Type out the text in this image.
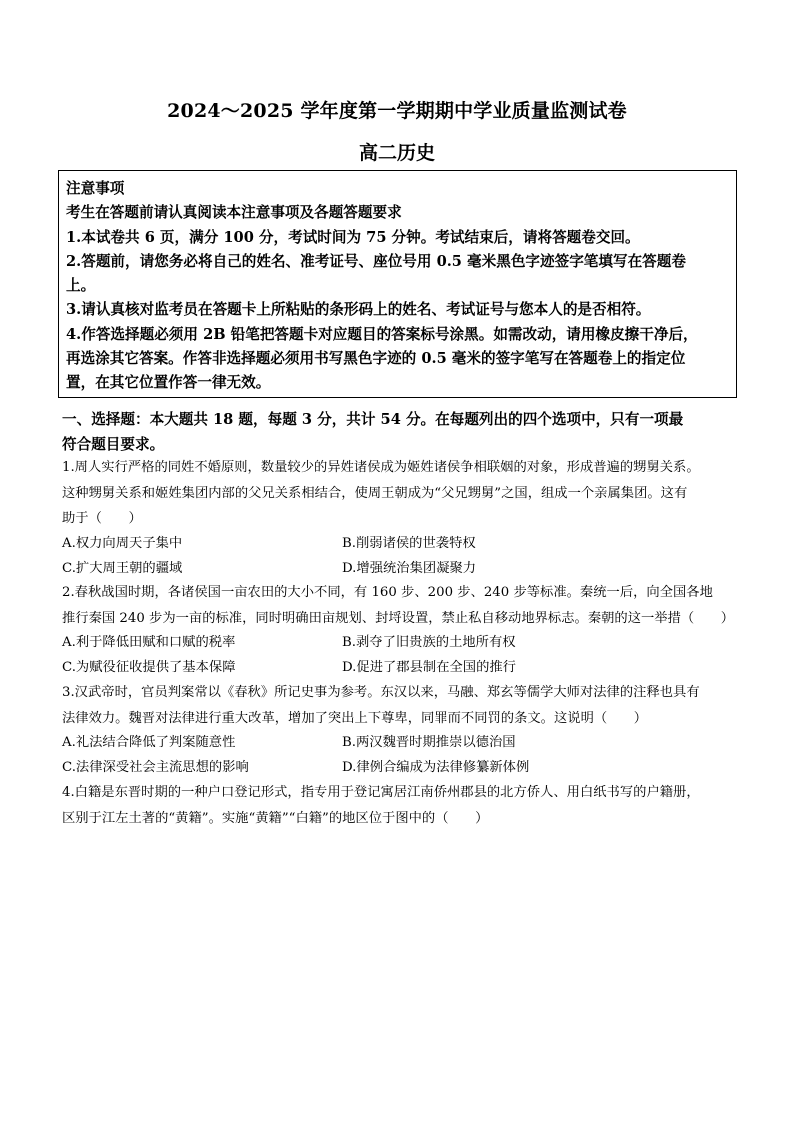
2024～2025 学年度第一学期期中学业质量监测试卷
高二历史

注意事项

考生在答题前请认真阅读本注意事项及各题答题要求

1.本试卷共 6 页，满分 100 分，考试时间为 75 分钟。考试结束后，请将答题卷交回。

2.答题前，请您务必将自己的姓名、准考证号、座位号用 0.5 毫米黑色字迹签字笔填写在答题卷

上。

3.请认真核对监考员在答题卡上所粘贴的条形码上的姓名、考试证号与您本人的是否相符。

4.作答选择题必须用 2B 铅笔把答题卡对应题目的答案标号涂黑。如需改动，请用橡皮擦干净后，

再选涂其它答案。作答非选择题必须用书写黑色字迹的 0.5 毫米的签字笔写在答题卷上的指定位

置，在其它位置作答一律无效。

一、选择题：本大题共 18 题，每题 3 分，共计 54 分。在每题列出的四个选项中，只有一项最

符合题目要求。

1.周人实行严格的同姓不婚原则，数量较少的异姓诸侯成为姬姓诸侯争相联姻的对象，形成普遍的甥舅关系。

这种甥舅关系和姬姓集团内部的父兄关系相结合，使周王朝成为“父兄甥舅”之国，组成一个亲属集团。这有

助于（　　）

A.权力向周天子集中	B.削弱诸侯的世袭特权
C.扩大周王朝的疆域	D.增强统治集团凝聚力

2.春秋战国时期，各诸侯国一亩农田的大小不同，有 160 步、200 步、240 步等标准。秦统一后，向全国各地

推行秦国 240 步为一亩的标准，同时明确田亩规划、封埒设置，禁止私自移动地界标志。秦朝的这一举措（　　）

A.利于降低田赋和口赋的税率	B.剥夺了旧贵族的土地所有权
C.为赋役征收提供了基本保障	D.促进了郡县制在全国的推行

3.汉武帝时，官员判案常以《春秋》所记史事为参考。东汉以来，马融、郑玄等儒学大师对法律的注释也具有

法律效力。魏晋对法律进行重大改革，增加了突出上下尊卑，同罪而不同罚的条文。这说明（　　）

A.礼法结合降低了判案随意性	B.两汉魏晋时期推崇以德治国
C.法律深受社会主流思想的影响	D.律例合编成为法律修纂新体例

4.白籍是东晋时期的一种户口登记形式，指专用于登记寓居江南侨州郡县的北方侨人、用白纸书写的户籍册，

区别于江左土著的“黄籍”。实施“黄籍”“白籍”的地区位于图中的（　　）
